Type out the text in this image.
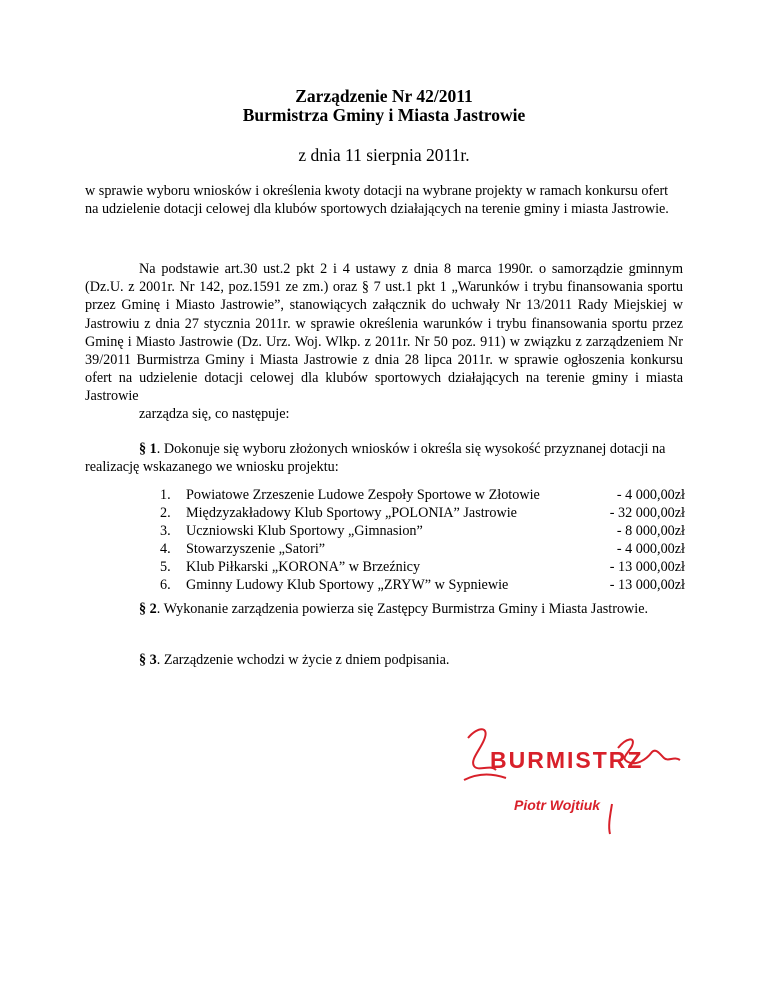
Zarządzenie Nr 42/2011
Burmistrza Gminy i Miasta Jastrowie
z dnia 11 sierpnia 2011r.
w sprawie wyboru wniosków i określenia kwoty dotacji na wybrane projekty w ramach konkursu ofert na udzielenie dotacji celowej dla klubów sportowych działających na terenie gminy i miasta Jastrowie.
Na podstawie art.30 ust.2 pkt 2 i 4 ustawy z dnia 8 marca 1990r. o samorządzie gminnym (Dz.U. z 2001r. Nr 142, poz.1591 ze zm.) oraz § 7 ust.1 pkt 1 „Warunków i trybu finansowania sportu przez Gminę i Miasto Jastrowie”, stanowiących załącznik do uchwały Nr 13/2011 Rady Miejskiej w Jastrowiu z dnia 27 stycznia 2011r. w sprawie określenia warunków i trybu finansowania sportu przez Gminę i Miasto Jastrowie (Dz. Urz. Woj. Wlkp. z 2011r. Nr 50 poz. 911) w związku z zarządzeniem Nr 39/2011 Burmistrza Gminy i Miasta Jastrowie z dnia 28 lipca 2011r. w sprawie ogłoszenia konkursu ofert na udzielenie dotacji celowej dla klubów sportowych działających na terenie gminy i miasta Jastrowie
zarządza się, co następuje:
§ 1. Dokonuje się wyboru złożonych wniosków i określa się wysokość przyznanej dotacji na realizację wskazanego we wniosku projektu:
1.	Powiatowe Zrzeszenie Ludowe Zespoły Sportowe w Złotowie	- 4 000,00zł
2.	Międzyzakładowy Klub Sportowy „POLONIA” Jastrowie	- 32 000,00zł
3.	Uczniowski Klub Sportowy „Gimnasion”	- 8 000,00zł
4.	Stowarzyszenie „Satori”	- 4 000,00zł
5.	Klub Piłkarski „KORONA” w Brzeźnicy	- 13 000,00zł
6.	Gminny Ludowy Klub Sportowy „ZRYW” w Sypniewie	- 13 000,00zł
§ 2. Wykonanie zarządzenia powierza się Zastępcy Burmistrza Gminy i Miasta Jastrowie.
§ 3. Zarządzenie wchodzi w życie z dniem podpisania.
BURMISTRZ
Piotr Wojtiuk
